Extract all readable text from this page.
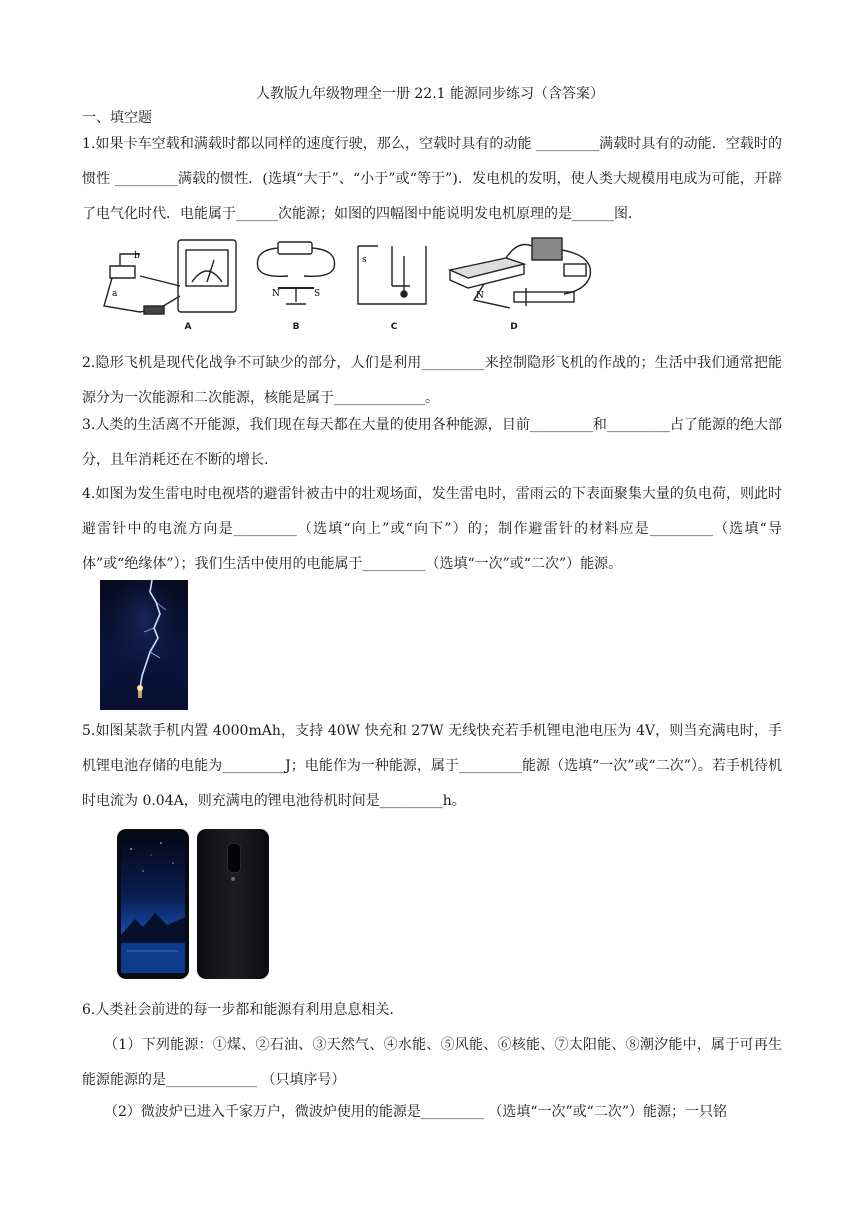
人教版九年级物理全一册 22.1 能源同步练习（含答案）
一、填空题
1.如果卡车空载和满载时都以同样的速度行驶，那么，空载时具有的动能 _________满载时具有的动能．空载时的惯性 _________满载的惯性．(选填“大于”、“小于”或“等于”)．发电机的发明，使人类大规模用电成为可能，开辟了电气化时代．电能属于______次能源；如图的四幅图中能说明发电机原理的是______图．
b
a
A
N	S
B
s
C
N
D
2.隐形飞机是现代化战争不可缺少的部分，人们是利用_________来控制隐形飞机的作战的；生活中我们通常把能源分为一次能源和二次能源，核能是属于_____________。
3.人类的生活离不开能源，我们现在每天都在大量的使用各种能源，目前_________和_________占了能源的绝大部分，且年消耗还在不断的增长.
4.如图为发生雷电时电视塔的避雷针被击中的壮观场面，发生雷电时，雷雨云的下表面聚集大量的负电荷，则此时避雷针中的电流方向是_________（选填“向上”或“向下”）的；制作避雷针的材料应是_________（选填“导体”或“绝缘体”）；我们生活中使用的电能属于_________（选填“一次”或“二次”）能源。
5.如图某款手机内置 4000mAh，支持 40W 快充和 27W 无线快充若手机锂电池电压为 4V，则当充满电时，手机锂电池存储的电能为_________J；电能作为一种能源，属于_________能源（选填“一次”或“二次”）。若手机待机时电流为 0.04A，则充满电的锂电池待机时间是_________h。
6.人类社会前进的每一步都和能源有利用息息相关.
（1）下列能源：①煤、②石油、③天然气、④水能、⑤风能、⑥核能、⑦太阳能、⑧潮汐能中，属于可再生能源能源的是_____________ （只填序号）
（2）微波炉已进入千家万户，微波炉使用的能源是_________ （选填“一次”或“二次”）能源；一只铭
